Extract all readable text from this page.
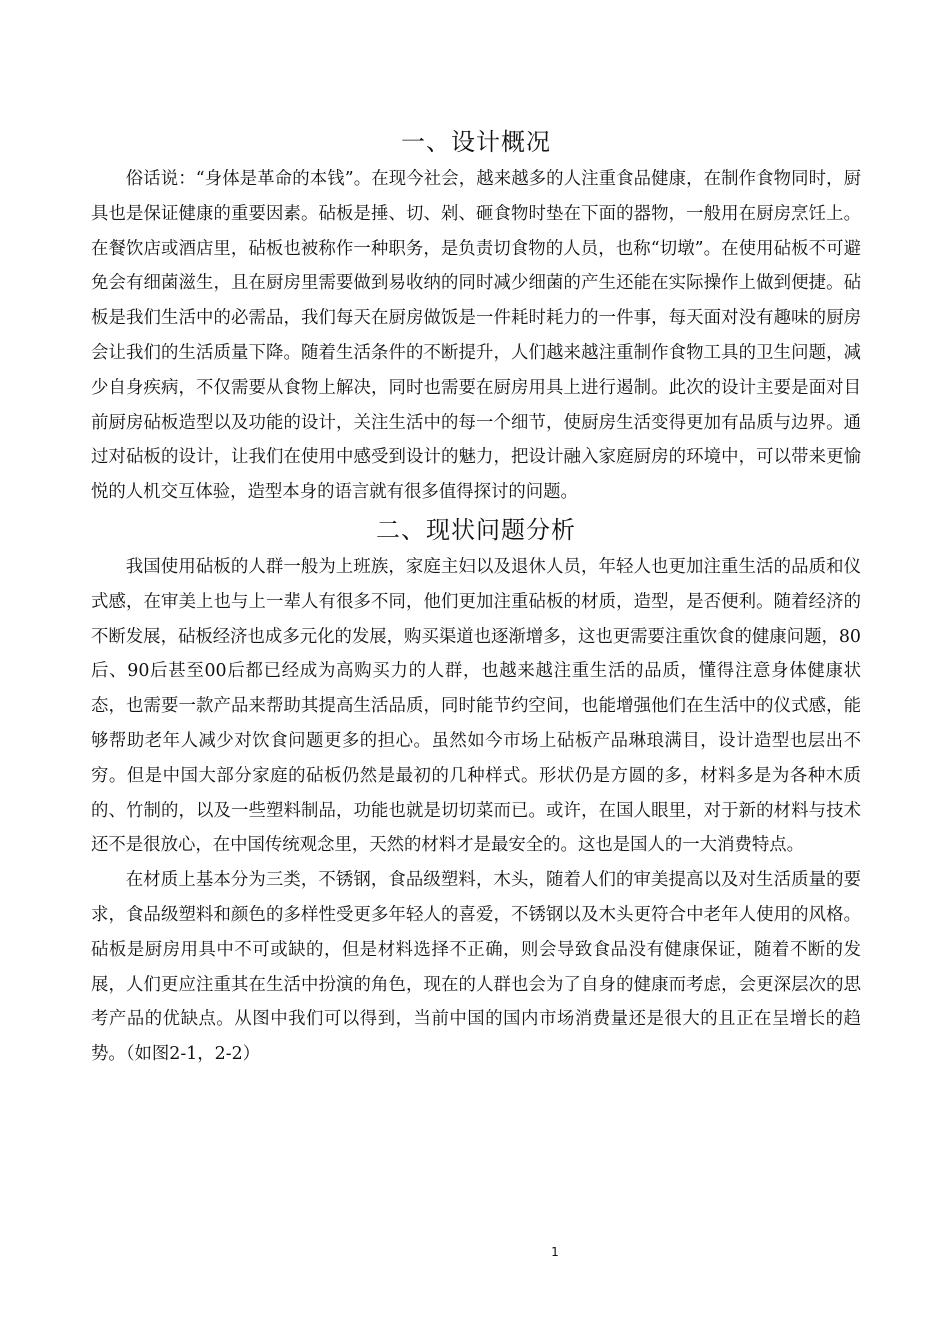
一、设计概况

俗话说：“身体是革命的本钱”。在现今社会，越来越多的人注重食品健康，在制作食物同时，厨具也是保证健康的重要因素。砧板是捶、切、剁、砸食物时垫在下面的器物，一般用在厨房烹饪上。在餐饮店或酒店里，砧板也被称作一种职务，是负责切食物的人员，也称“切墩”。在使用砧板不可避免会有细菌滋生，且在厨房里需要做到易收纳的同时减少细菌的产生还能在实际操作上做到便捷。砧板是我们生活中的必需品，我们每天在厨房做饭是一件耗时耗力的一件事，每天面对没有趣味的厨房会让我们的生活质量下降。随着生活条件的不断提升，人们越来越注重制作食物工具的卫生问题，减少自身疾病，不仅需要从食物上解决，同时也需要在厨房用具上进行遏制。此次的设计主要是面对目前厨房砧板造型以及功能的设计，关注生活中的每一个细节，使厨房生活变得更加有品质与边界。通过对砧板的设计，让我们在使用中感受到设计的魅力，把设计融入家庭厨房的环境中，可以带来更愉悦的人机交互体验，造型本身的语言就有很多值得探讨的问题。

二、现状问题分析

我国使用砧板的人群一般为上班族，家庭主妇以及退休人员，年轻人也更加注重生活的品质和仪式感，在审美上也与上一辈人有很多不同，他们更加注重砧板的材质，造型，是否便利。随着经济的不断发展，砧板经济也成多元化的发展，购买渠道也逐渐增多，这也更需要注重饮食的健康问题，80后、90后甚至00后都已经成为高购买力的人群，也越来越注重生活的品质，懂得注意身体健康状态，也需要一款产品来帮助其提高生活品质，同时能节约空间，也能增强他们在生活中的仪式感，能够帮助老年人减少对饮食问题更多的担心。虽然如今市场上砧板产品琳琅满目，设计造型也层出不穷。但是中国大部分家庭的砧板仍然是最初的几种样式。形状仍是方圆的多，材料多是为各种木质的、竹制的，以及一些塑料制品，功能也就是切切菜而已。或许，在国人眼里，对于新的材料与技术还不是很放心，在中国传统观念里，天然的材料才是最安全的。这也是国人的一大消费特点。

在材质上基本分为三类，不锈钢，食品级塑料，木头，随着人们的审美提高以及对生活质量的要求，食品级塑料和颜色的多样性受更多年轻人的喜爱，不锈钢以及木头更符合中老年人使用的风格。砧板是厨房用具中不可或缺的，但是材料选择不正确，则会导致食品没有健康保证，随着不断的发展，人们更应注重其在生活中扮演的角色，现在的人群也会为了自身的健康而考虑，会更深层次的思考产品的优缺点。从图中我们可以得到，当前中国的国内市场消费量还是很大的且正在呈增长的趋势。（如图2-1，2-2）

1
